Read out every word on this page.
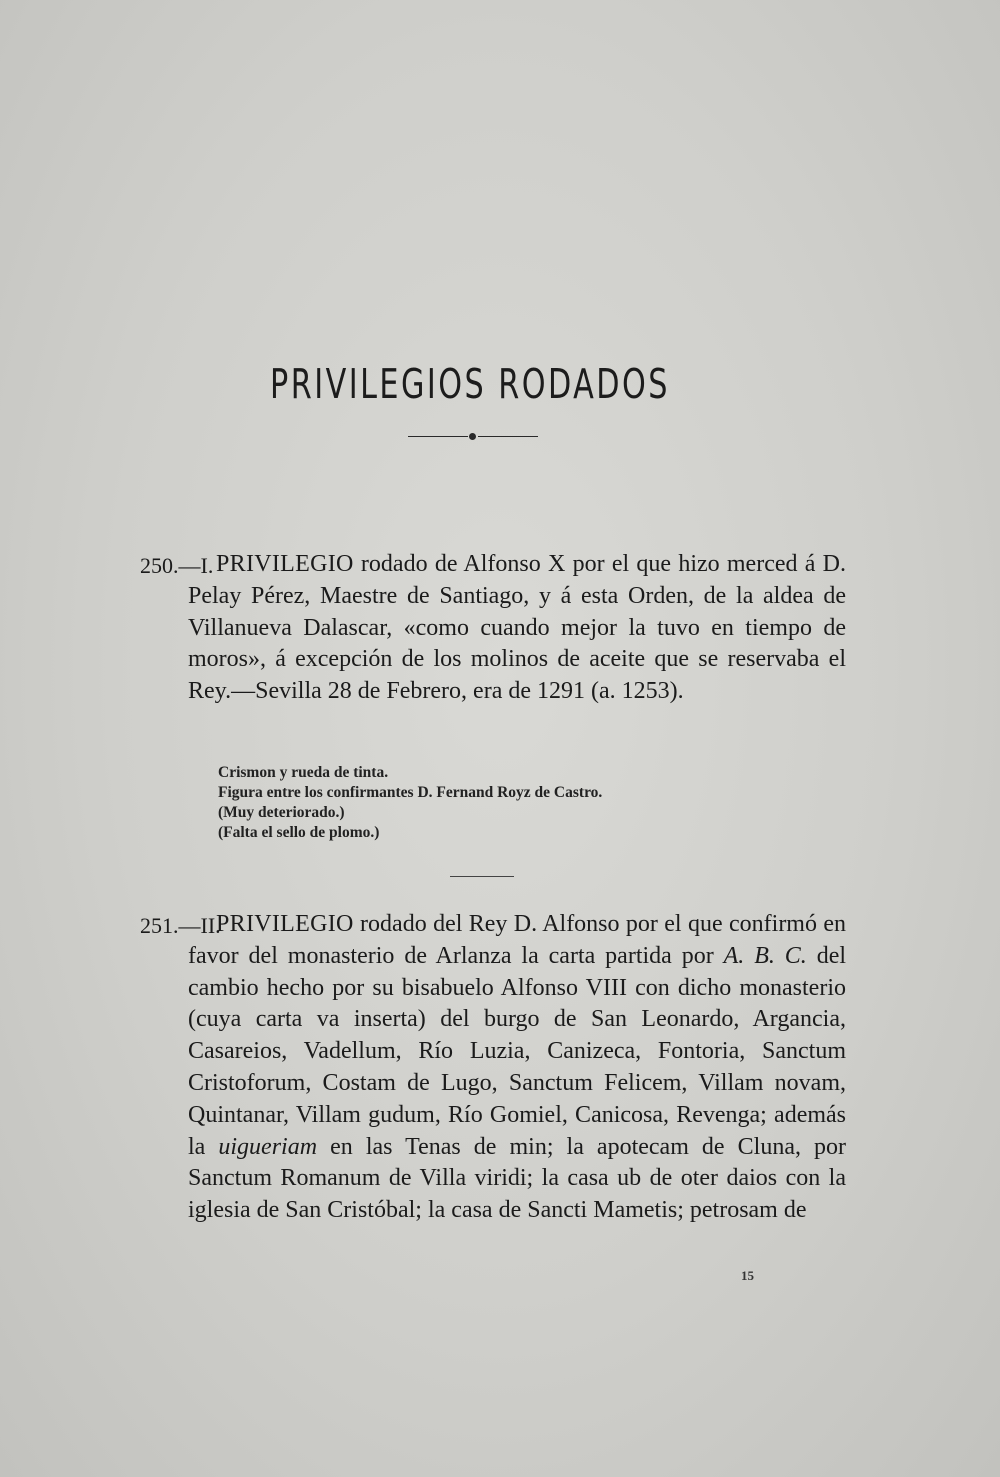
PRIVILEGIOS RODADOS
250.—I. PRIVILEGIO rodado de Alfonso X por el que hizo merced á D. Pelay Pérez, Maestre de Santiago, y á esta Orden, de la aldea de Villanueva Dalascar, «como cuando mejor la tuvo en tiempo de moros», á excepción de los molinos de aceite que se reservaba el Rey.—Sevilla 28 de Febrero, era de 1291 (a. 1253).
Crismon y rueda de tinta.
Figura entre los confirmantes D. Fernand Royz de Castro.
(Muy deteriorado.)
(Falta el sello de plomo.)
251.—II.
PRIVILEGIO rodado del Rey D. Alfonso por el que confirmó en favor del monasterio de Arlanza la carta partida por A. B. C. del cambio hecho por su bisabuelo Alfonso VIII con dicho monasterio (cuya carta va inserta) del burgo de San Leonardo, Argancia, Casareios, Vadellum, Río Luzia, Canizeca, Fontoria, Sanctum Cristoforum, Costam de Lugo, Sanctum Felicem, Villam novam, Quintanar, Villam gudum, Río Gomiel, Canicosa, Revenga; además la uigueriam en las Tenas de min; la apotecam de Cluna, por Sanctum Romanum de Villa viridi; la casa ub de oter daios con la iglesia de San Cristóbal; la casa de Sancti Mametis; petrosam de
15
